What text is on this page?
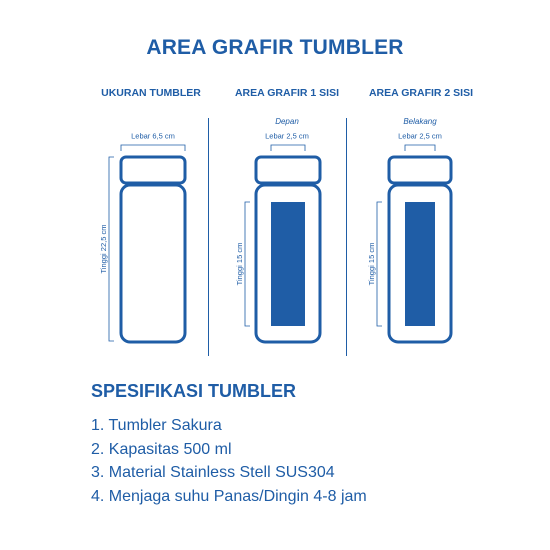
AREA GRAFIR TUMBLER
UKURAN TUMBLER	AREA GRAFIR 1 SISI	AREA GRAFIR 2 SISI
Lebar 6,5 cm
Tinggi 22,5 cm
Depan
Lebar 2,5 cm
Tinggi 15 cm
Belakang
Lebar 2,5 cm
Tinggi 15 cm
SPESIFIKASI TUMBLER
1. Tumbler Sakura
2. Kapasitas 500 ml
3. Material Stainless Stell SUS304
4. Menjaga suhu Panas/Dingin 4-8 jam
